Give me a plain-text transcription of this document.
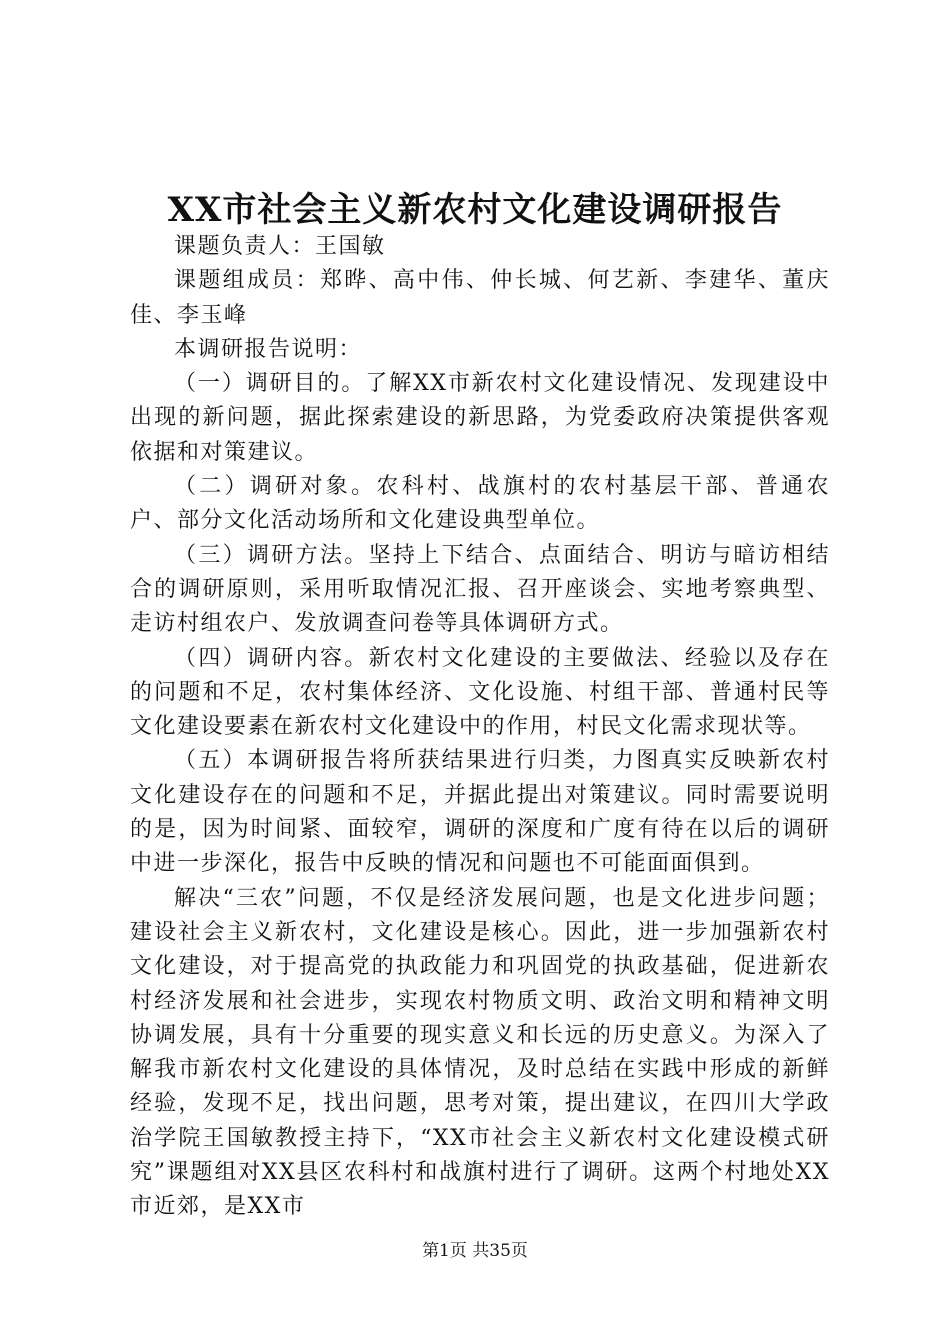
XX市社会主义新农村文化建设调研报告

课题负责人：王国敏

课题组成员：郑晔、高中伟、仲长城、何艺新、李建华、董庆佳、李玉峰

本调研报告说明：

（一）调研目的。了解XX市新农村文化建设情况、发现建设中出现的新问题，据此探索建设的新思路，为党委政府决策提供客观依据和对策建议。

（二）调研对象。农科村、战旗村的农村基层干部、普通农户、部分文化活动场所和文化建设典型单位。

（三）调研方法。坚持上下结合、点面结合、明访与暗访相结合的调研原则，采用听取情况汇报、召开座谈会、实地考察典型、走访村组农户、发放调查问卷等具体调研方式。

（四）调研内容。新农村文化建设的主要做法、经验以及存在的问题和不足，农村集体经济、文化设施、村组干部、普通村民等文化建设要素在新农村文化建设中的作用，村民文化需求现状等。

（五）本调研报告将所获结果进行归类，力图真实反映新农村文化建设存在的问题和不足，并据此提出对策建议。同时需要说明的是，因为时间紧、面较窄，调研的深度和广度有待在以后的调研中进一步深化，报告中反映的情况和问题也不可能面面俱到。

解决“三农”问题，不仅是经济发展问题，也是文化进步问题；建设社会主义新农村，文化建设是核心。因此，进一步加强新农村文化建设，对于提高党的执政能力和巩固党的执政基础，促进新农村经济发展和社会进步，实现农村物质文明、政治文明和精神文明协调发展，具有十分重要的现实意义和长远的历史意义。为深入了解我市新农村文化建设的具体情况，及时总结在实践中形成的新鲜经验，发现不足，找出问题，思考对策，提出建议，在四川大学政治学院王国敏教授主持下，“XX市社会主义新农村文化建设模式研究”课题组对XX县区农科村和战旗村进行了调研。这两个村地处XX市近郊，是XX市

第1页 共35页
